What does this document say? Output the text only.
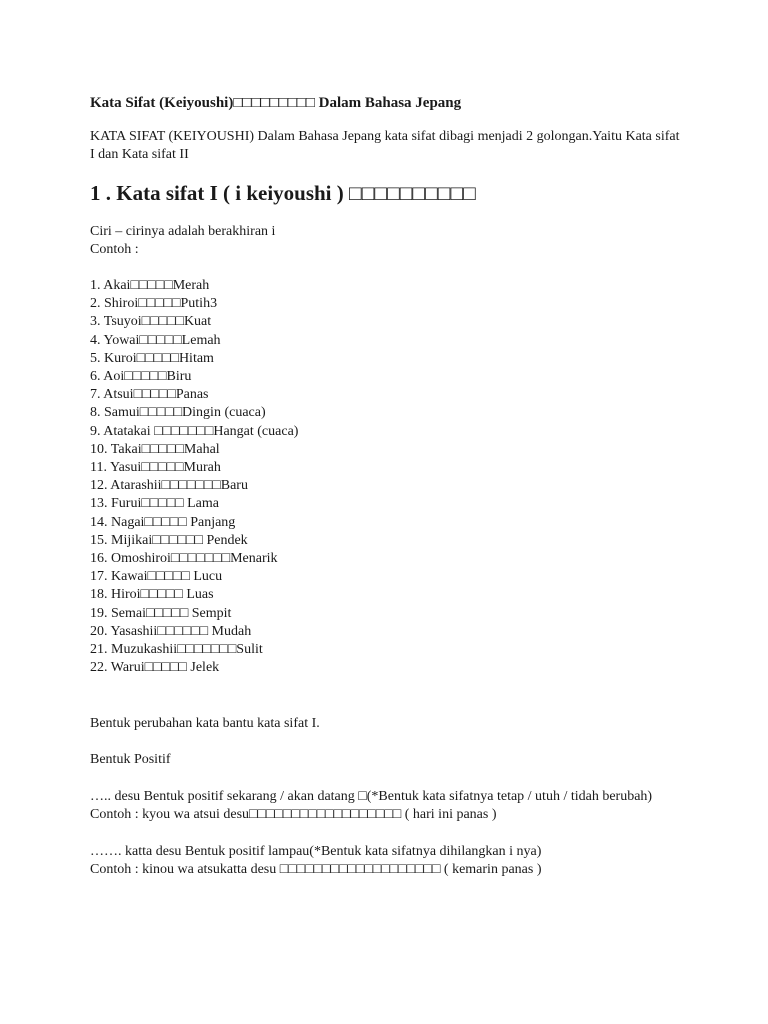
Kata Sifat (Keiyoushi)□□□□□□□□□ Dalam Bahasa Jepang

KATA SIFAT (KEIYOUSHI) Dalam Bahasa Jepang kata sifat dibagi menjadi 2 golongan.Yaitu Kata sifat I dan Kata sifat II

1 . Kata sifat I ( i keiyoushi ) □□□□□□□□□□

Ciri – cirinya adalah berakhiran i

Contoh :

1. Akai□□□□□Merah
2. Shiroi□□□□□Putih3
3. Tsuyoi□□□□□Kuat
4. Yowai□□□□□Lemah
5. Kuroi□□□□□Hitam
6. Aoi□□□□□Biru
7. Atsui□□□□□Panas
8. Samui□□□□□Dingin (cuaca)
9. Atatakai □□□□□□□Hangat (cuaca)
10. Takai□□□□□Mahal
11. Yasui□□□□□Murah
12. Atarashii□□□□□□□Baru
13. Furui□□□□□ Lama
14. Nagai□□□□□ Panjang
15. Mijikai□□□□□□ Pendek
16. Omoshiroi□□□□□□□Menarik
17. Kawai□□□□□ Lucu
18. Hiroi□□□□□ Luas
19. Semai□□□□□ Sempit
20. Yasashii□□□□□□ Mudah
21. Muzukashii□□□□□□□Sulit
22. Warui□□□□□ Jelek

Bentuk perubahan kata bantu kata sifat I.

Bentuk Positif

….. desu Bentuk positif sekarang / akan datang □(*Bentuk kata sifatnya tetap / utuh / tidah berubah)

Contoh : kyou wa atsui desu□□□□□□□□□□□□□□□□□□ ( hari ini panas )

……. katta desu Bentuk positif lampau(*Bentuk kata sifatnya dihilangkan i nya)

Contoh : kinou wa atsukatta desu □□□□□□□□□□□□□□□□□□□ ( kemarin panas )
